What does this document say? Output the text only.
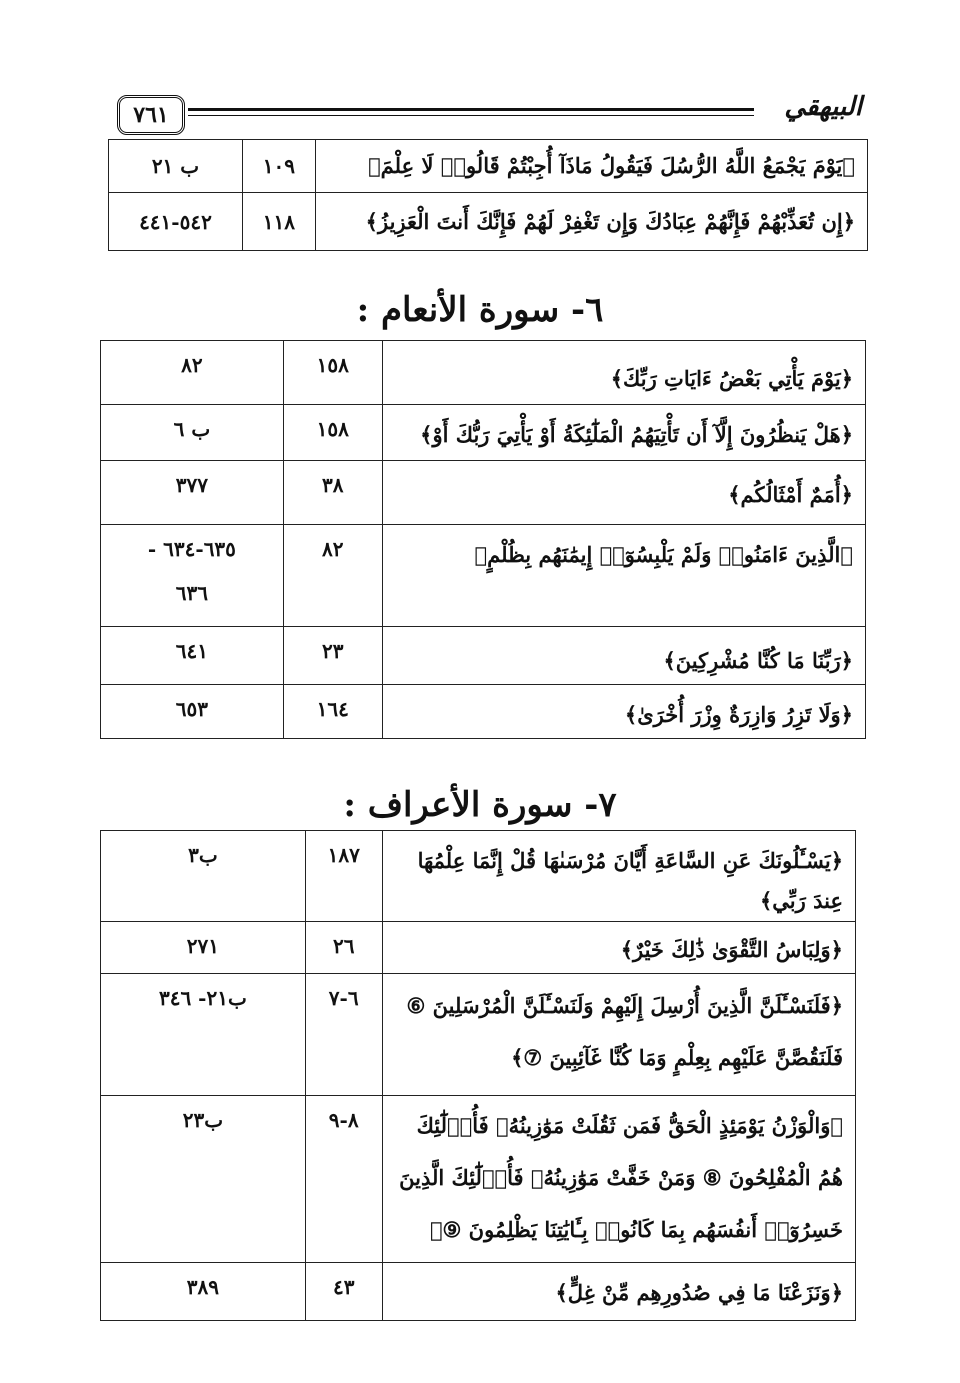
٧٦١	البيهقي
﴿يَوْمَ يَجْمَعُ اللَّهُ الرُّسُلَ فَيَقُولُ مَاذَآ أُجِبْتُمْ قَالُوا۟ لَا عِلْمَ﴾	١٠٩	ب ٢١
﴿إِن تُعَذِّبْهُمْ فَإِنَّهُمْ عِبَادُكَ وَإِن تَغْفِرْ لَهُمْ فَإِنَّكَ أَنتَ الْعَزِيزُ﴾	١١٨	٥٤٢-٤٤١
٦- سورة الأنعام :
﴿يَوْمَ يَأْتِي بَعْضُ ءَايَاتِ رَبِّكَ﴾	١٥٨	٨٢
﴿هَلْ يَنظُرُونَ إِلَّآ أَن تَأْتِيَهُمُ الْمَلَٰٓئِكَةُ أَوْ يَأْتِيَ رَبُّكَ أَوْ﴾	١٥٨	ب ٦
﴿أُمَمٌ أَمْثَالُكُم﴾	٣٨	٣٧٧
﴿الَّذِينَ ءَامَنُوا۟ وَلَمْ يَلْبِسُوٓا۟ إِيمَٰنَهُم بِظُلْمٍ﴾	٨٢	٦٣٥-٦٣٤ -
٦٣٦

﴿رَبِّنَا مَا كُنَّا مُشْرِكِينَ﴾	٢٣	٦٤١
﴿وَلَا تَزِرُ وَازِرَةٌ وِزْرَ أُخْرَىٰ﴾	١٦٤	٦٥٣
٧- سورة الأعراف :
﴿يَسْـَٔلُونَكَ عَنِ السَّاعَةِ أَيَّانَ مُرْسَىٰهَا قُلْ إِنَّمَا عِلْمُهَا عِندَ رَبِّي﴾	١٨٧	ب٣
﴿وَلِبَاسُ التَّقْوَىٰ ذَٰلِكَ خَيْرٌ﴾	٢٦	٢٧١
﴿فَلَنَسْـَٔلَنَّ الَّذِينَ أُرْسِلَ إِلَيْهِمْ وَلَنَسْـَٔلَنَّ الْمُرْسَلِينَ ⑥ فَلَنَقُصَّنَّ عَلَيْهِم بِعِلْمٍ وَمَا كُنَّا غَآئِبِينَ ⑦﴾	٦-٧	ب٢١- ٣٤٦
﴿وَالْوَزْنُ يَوْمَئِذٍ الْحَقُّ فَمَن ثَقُلَتْ مَوَٰزِينُهُۥ فَأُو۟لَٰٓئِكَ هُمُ الْمُفْلِحُونَ ⑧ وَمَنْ خَفَّتْ مَوَٰزِينُهُۥ فَأُو۟لَٰٓئِكَ الَّذِينَ خَسِرُوٓا۟ أَنفُسَهُم بِمَا كَانُوا۟ بِـَٔايَٰتِنَا يَظْلِمُونَ ⑨﴾	٨-٩	ب٢٣
﴿وَنَزَعْنَا مَا فِي صُدُورِهِم مِّنْ غِلٍّ﴾	٤٣	٣٨٩
